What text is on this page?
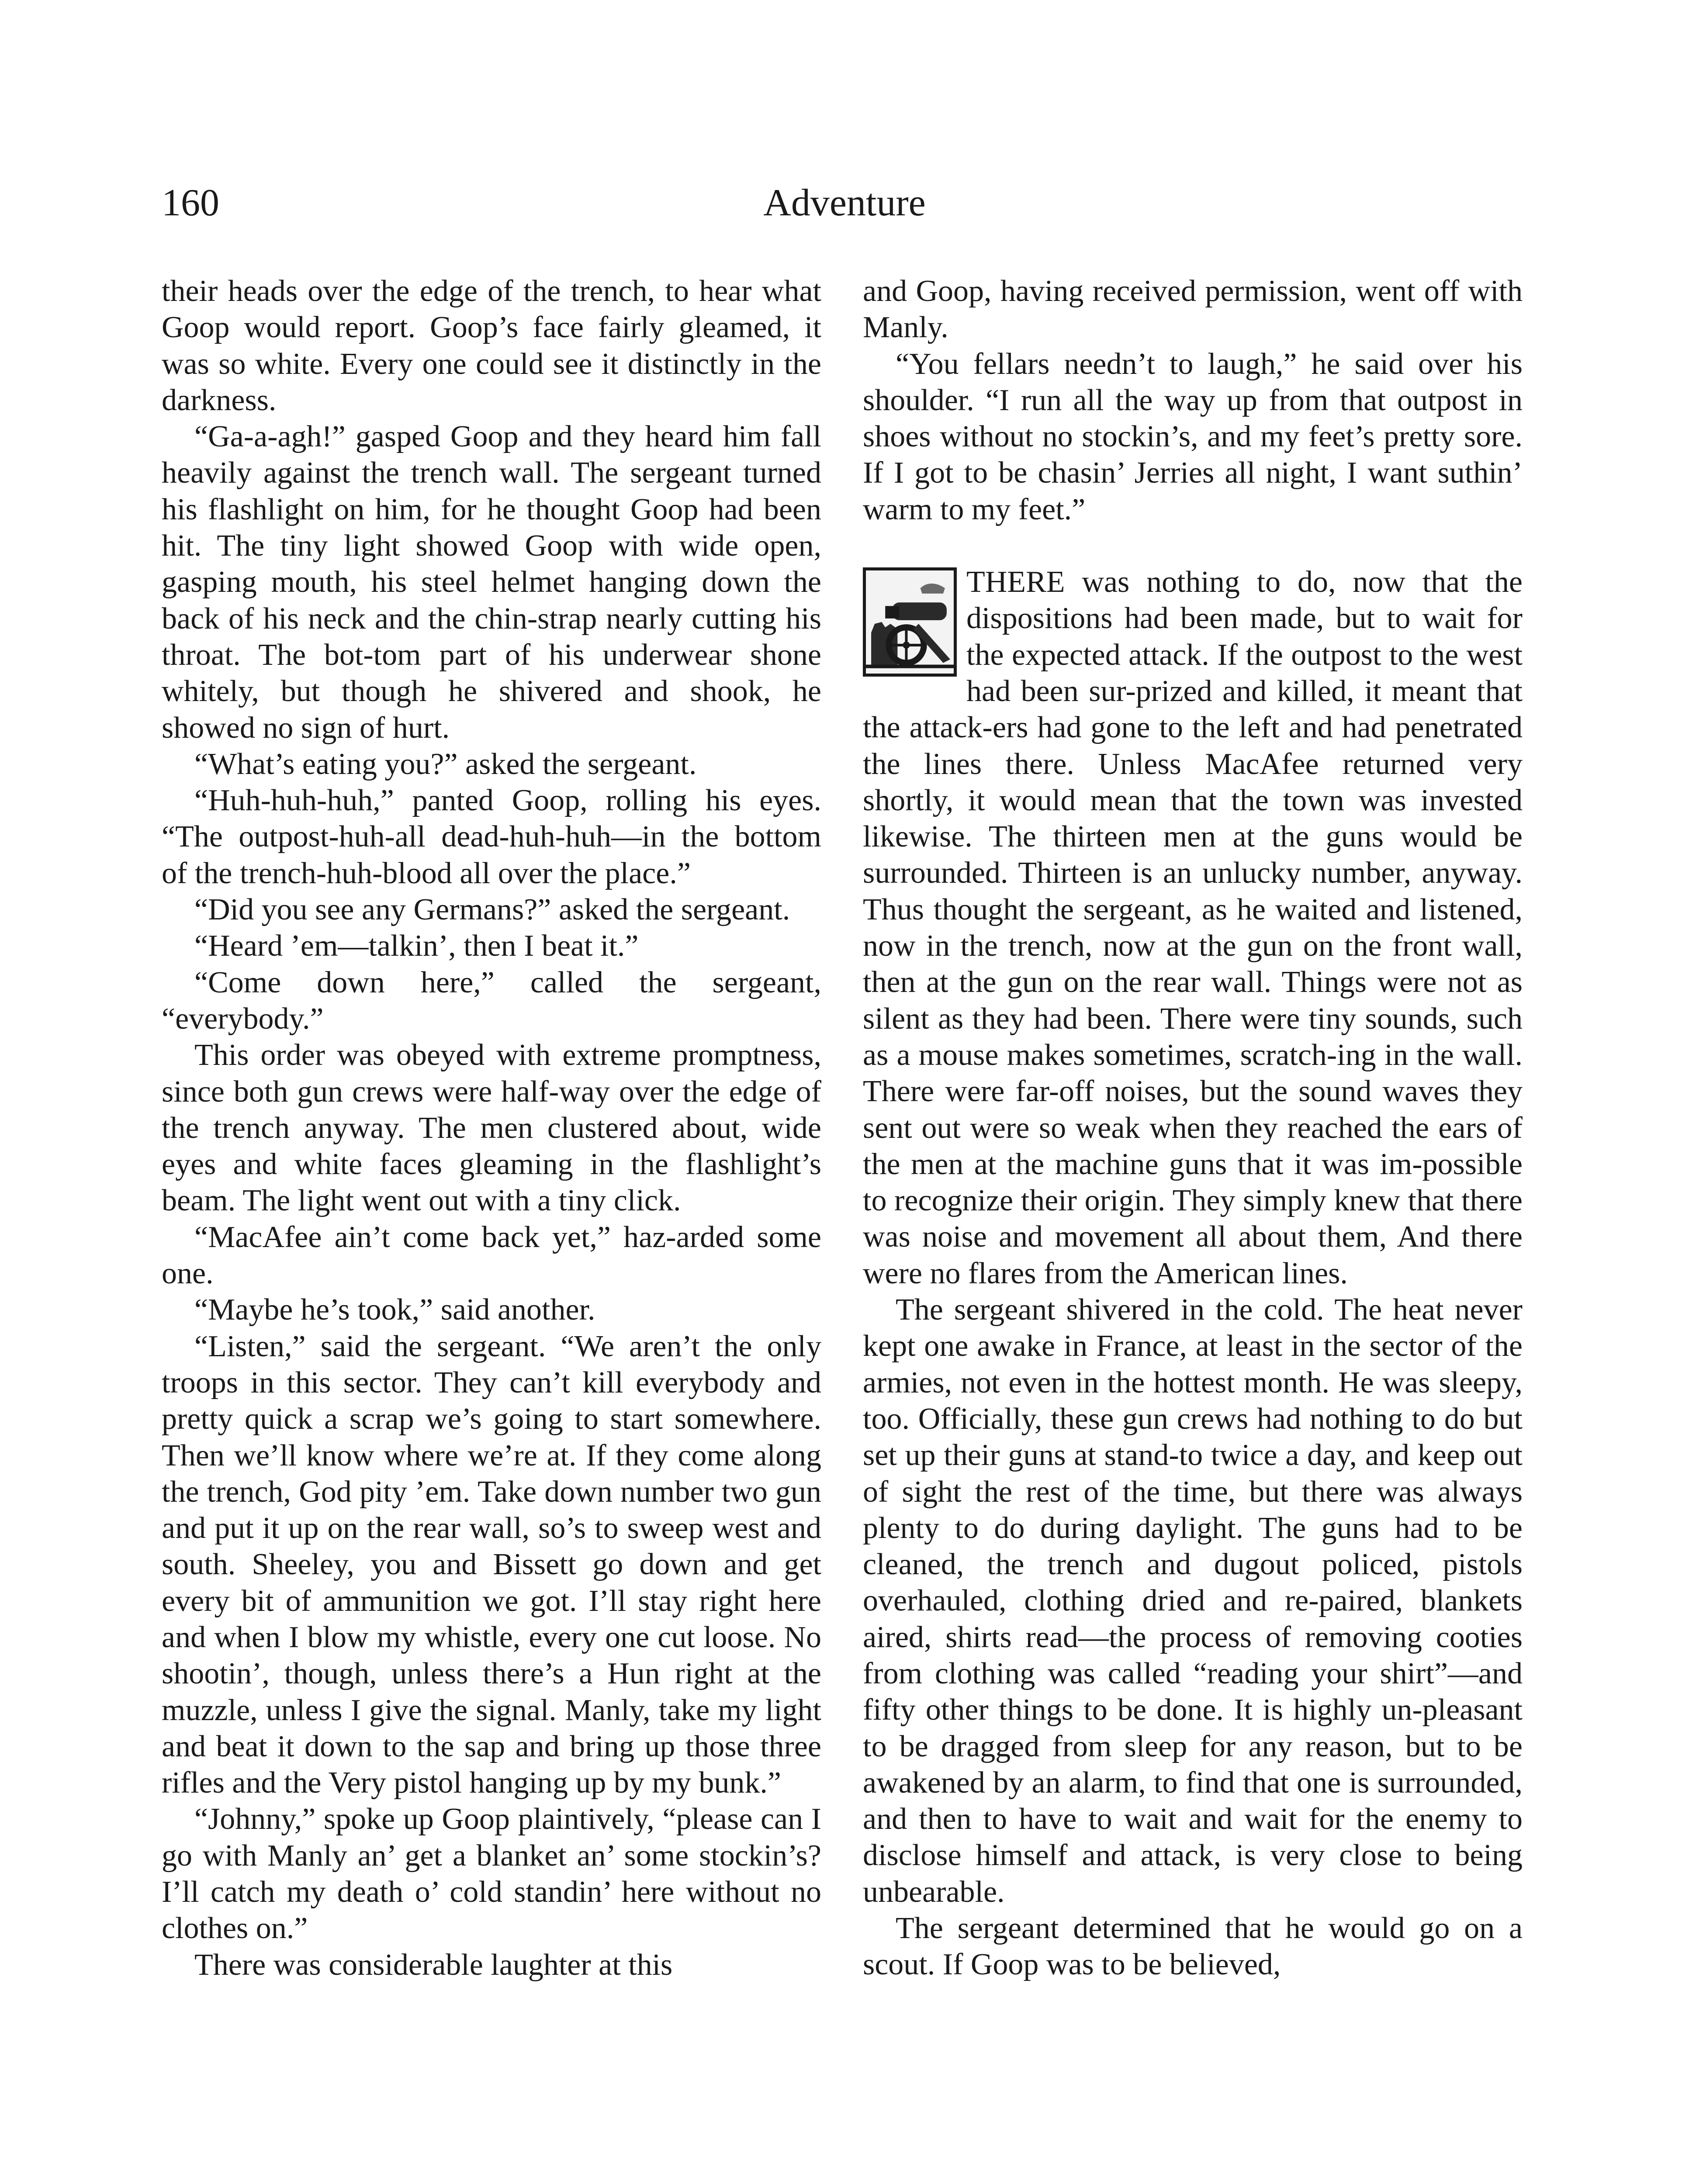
160	Adventure

their heads over the edge of the trench, to hear what Goop would report. Goop’s face fairly gleamed, it was so white. Every one could see it distinctly in the darkness.

“Ga-a-agh!” gasped Goop and they heard him fall heavily against the trench wall. The sergeant turned his flashlight on him, for he thought Goop had been hit. The tiny light showed Goop with wide open, gasping mouth, his steel helmet hanging down the back of his neck and the chin-strap nearly cutting his throat. The bot-tom part of his underwear shone whitely, but though he shivered and shook, he showed no sign of hurt.

“What’s eating you?” asked the sergeant.

“Huh-huh-huh,” panted Goop, rolling his eyes. “The outpost-huh-all dead-huh-huh—in the bottom of the trench-huh-blood all over the place.”

“Did you see any Germans?” asked the sergeant.

“Heard ’em—talkin’, then I beat it.”

“Come down here,” called the sergeant, “everybody.”

This order was obeyed with extreme promptness, since both gun crews were half-way over the edge of the trench anyway. The men clustered about, wide eyes and white faces gleaming in the flashlight’s beam. The light went out with a tiny click.

“MacAfee ain’t come back yet,” haz-arded some one.

“Maybe he’s took,” said another.

“Listen,” said the sergeant. “We aren’t the only troops in this sector. They can’t kill everybody and pretty quick a scrap we’s going to start somewhere. Then we’ll know where we’re at. If they come along the trench, God pity ’em. Take down number two gun and put it up on the rear wall, so’s to sweep west and south. Sheeley, you and Bissett go down and get every bit of ammunition we got. I’ll stay right here and when I blow my whistle, every one cut loose. No shootin’, though, unless there’s a Hun right at the muzzle, unless I give the signal. Manly, take my light and beat it down to the sap and bring up those three rifles and the Very pistol hanging up by my bunk.”

“Johnny,” spoke up Goop plaintively, “please can I go with Manly an’ get a blanket an’ some stockin’s? I’ll catch my death o’ cold standin’ here without no clothes on.”

There was considerable laughter at this

and Goop, having received permission, went off with Manly.

“You fellars needn’t to laugh,” he said over his shoulder. “I run all the way up from that outpost in shoes without no stockin’s, and my feet’s pretty sore. If I got to be chasin’ Jerries all night, I want suthin’ warm to my feet.”

THERE was nothing to do, now that the dispositions had been made, but to wait for the expected attack. If the outpost to the west had been sur-prized and killed, it meant that the attack-ers had gone to the left and had penetrated the lines there. Unless MacAfee returned very shortly, it would mean that the town was invested likewise. The thirteen men at the guns would be surrounded. Thirteen is an unlucky number, anyway. Thus thought the sergeant, as he waited and listened, now in the trench, now at the gun on the front wall, then at the gun on the rear wall. Things were not as silent as they had been. There were tiny sounds, such as a mouse makes sometimes, scratch-ing in the wall. There were far-off noises, but the sound waves they sent out were so weak when they reached the ears of the men at the machine guns that it was im-possible to recognize their origin. They simply knew that there was noise and movement all about them, And there were no flares from the American lines.

The sergeant shivered in the cold. The heat never kept one awake in France, at least in the sector of the armies, not even in the hottest month. He was sleepy, too. Officially, these gun crews had nothing to do but set up their guns at stand-to twice a day, and keep out of sight the rest of the time, but there was always plenty to do during daylight. The guns had to be cleaned, the trench and dugout policed, pistols overhauled, clothing dried and re-paired, blankets aired, shirts read—the process of removing cooties from clothing was called “reading your shirt”—and fifty other things to be done. It is highly un-pleasant to be dragged from sleep for any reason, but to be awakened by an alarm, to find that one is surrounded, and then to have to wait and wait for the enemy to disclose himself and attack, is very close to being unbearable.

The sergeant determined that he would go on a scout. If Goop was to be believed,
